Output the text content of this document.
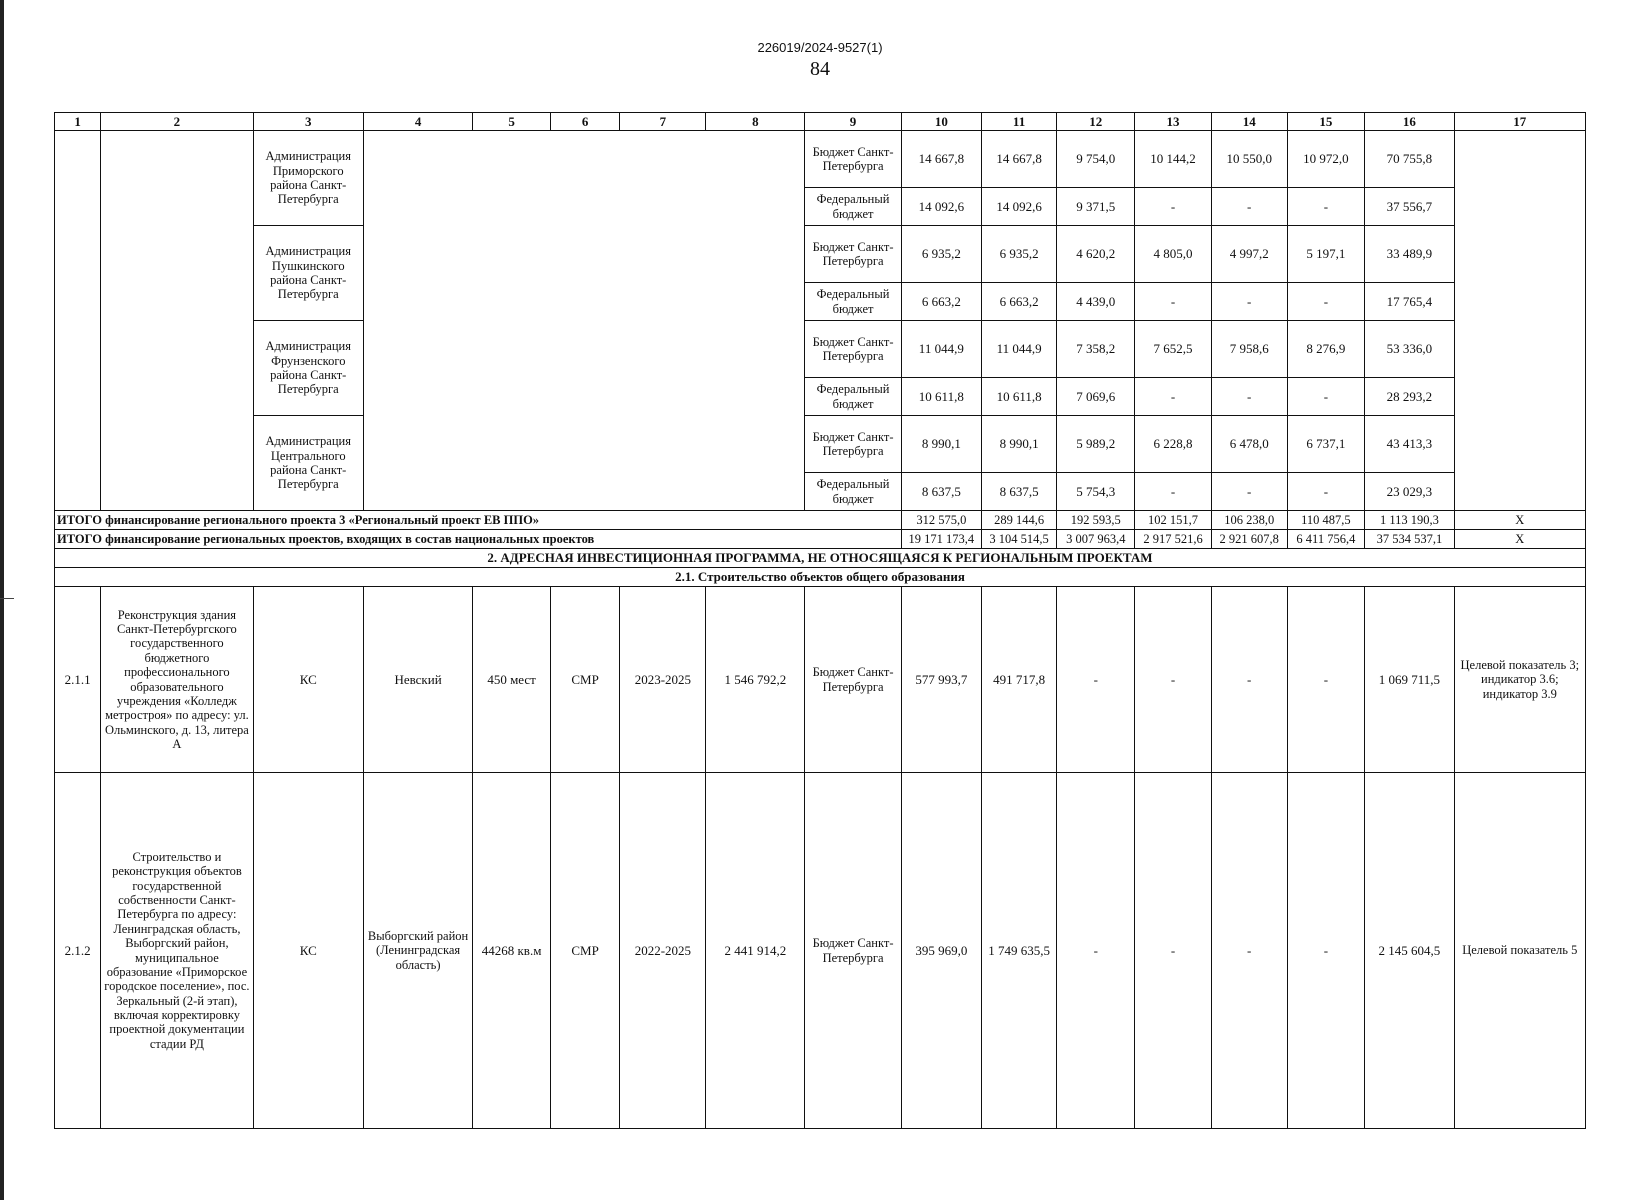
226019/2024-9527(1)
84
1	2	3	4	5	6	7	8	9	10	11	12	13	14	15	16	17
		Администрация Приморского района Санкт-Петербурга						Бюджет Санкт-Петербурга	14 667,8	14 667,8	9 754,0	10 144,2	10 550,0	10 972,0	70 755,8	
								Федеральный бюджет	14 092,6	14 092,6	9 371,5	-	-	-	37 556,7	
		Администрация Пушкинского района Санкт-Петербурга						Бюджет Санкт-Петербурга	6 935,2	6 935,2	4 620,2	4 805,0	4 997,2	5 197,1	33 489,9	
								Федеральный бюджет	6 663,2	6 663,2	4 439,0	-	-	-	17 765,4	
		Администрация Фрунзенского района Санкт-Петербурга						Бюджет Санкт-Петербурга	11 044,9	11 044,9	7 358,2	7 652,5	7 958,6	8 276,9	53 336,0	
								Федеральный бюджет	10 611,8	10 611,8	7 069,6	-	-	-	28 293,2	
		Администрация Центрального района Санкт-Петербурга						Бюджет Санкт-Петербурга	8 990,1	8 990,1	5 989,2	6 228,8	6 478,0	6 737,1	43 413,3	
								Федеральный бюджет	8 637,5	8 637,5	5 754,3	-	-	-	23 029,3	
ИТОГО финансирование регионального проекта 3 «Региональный проект ЕВ ППО»									312 575,0	289 144,6	192 593,5	102 151,7	106 238,0	110 487,5	1 113 190,3	Х
ИТОГО финансирование региональных проектов, входящих в состав национальных проектов									19 171 173,4	3 104 514,5	3 007 963,4	2 917 521,6	2 921 607,8	6 411 756,4	37 534 537,1	Х
2. АДРЕСНАЯ ИНВЕСТИЦИОННАЯ ПРОГРАММА, НЕ ОТНОСЯЩАЯСЯ К РЕГИОНАЛЬНЫМ ПРОЕКТАМ																
2.1. Строительство объектов общего образования																
2.1.1	Реконструкция здания Санкт-Петербургского государственного бюджетного профессионального образовательного учреждения «Колледж метростроя» по адресу: ул. Ольминского, д. 13, литера А	КС	Невский	450 мест	СМР	2023-2025	1 546 792,2	Бюджет Санкт-Петербурга	577 993,7	491 717,8	-	-	-	-	1 069 711,5	Целевой показатель 3; индикатор 3.6; индикатор 3.9
2.1.2	Строительство и реконструкция объектов государственной собственности Санкт-Петербурга по адресу: Ленинградская область, Выборгский район, муниципальное образование «Приморское городское поселение», пос. Зеркальный (2-й этап), включая корректировку проектной документации стадии РД	КС	Выборгский район (Ленинградская область)	44268 кв.м	СМР	2022-2025	2 441 914,2	Бюджет Санкт-Петербурга	395 969,0	1 749 635,5	-	-	-	-	2 145 604,5	Целевой показатель 5
